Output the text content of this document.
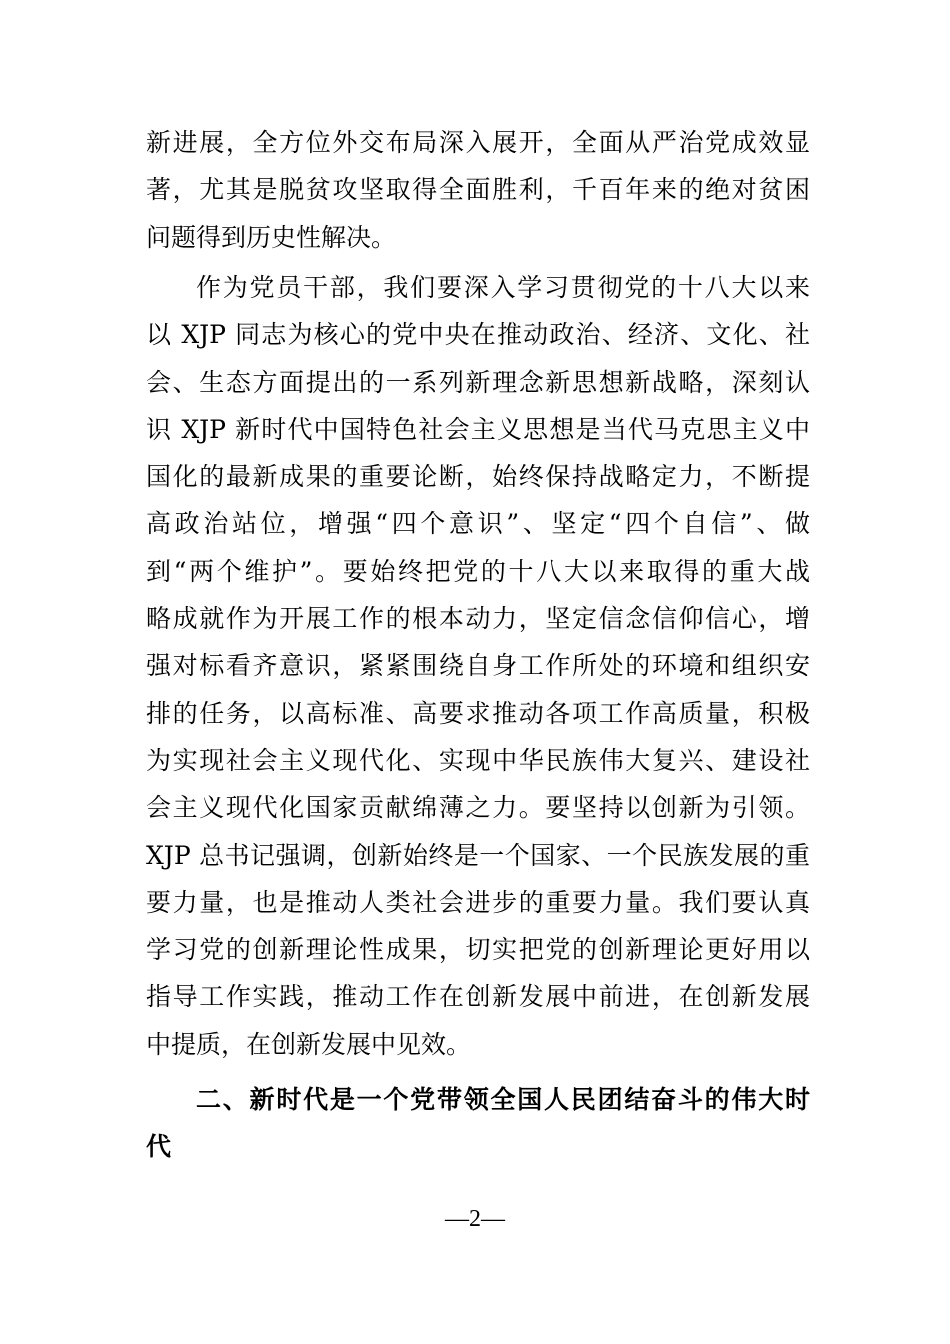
新进展，全方位外交布局深入展开，全面从严治党成效显
著，尤其是脱贫攻坚取得全面胜利，千百年来的绝对贫困
问题得到历史性解决。
作为党员干部，我们要深入学习贯彻党的十八大以来
以 XJP 同志为核心的党中央在推动政治、经济、文化、社
会、生态方面提出的一系列新理念新思想新战略，深刻认
识 XJP 新时代中国特色社会主义思想是当代马克思主义中
国化的最新成果的重要论断，始终保持战略定力，不断提
高政治站位，增强“四个意识”、坚定“四个自信”、做
到“两个维护”。要始终把党的十八大以来取得的重大战
略成就作为开展工作的根本动力，坚定信念信仰信心，增
强对标看齐意识，紧紧围绕自身工作所处的环境和组织安
排的任务，以高标准、高要求推动各项工作高质量，积极
为实现社会主义现代化、实现中华民族伟大复兴、建设社
会主义现代化国家贡献绵薄之力。要坚持以创新为引领。
XJP 总书记强调，创新始终是一个国家、一个民族发展的重
要力量，也是推动人类社会进步的重要力量。我们要认真
学习党的创新理论性成果，切实把党的创新理论更好用以
指导工作实践，推动工作在创新发展中前进，在创新发展
中提质，在创新发展中见效。
二、新时代是一个党带领全国人民团结奋斗的伟大时
代
—2—
